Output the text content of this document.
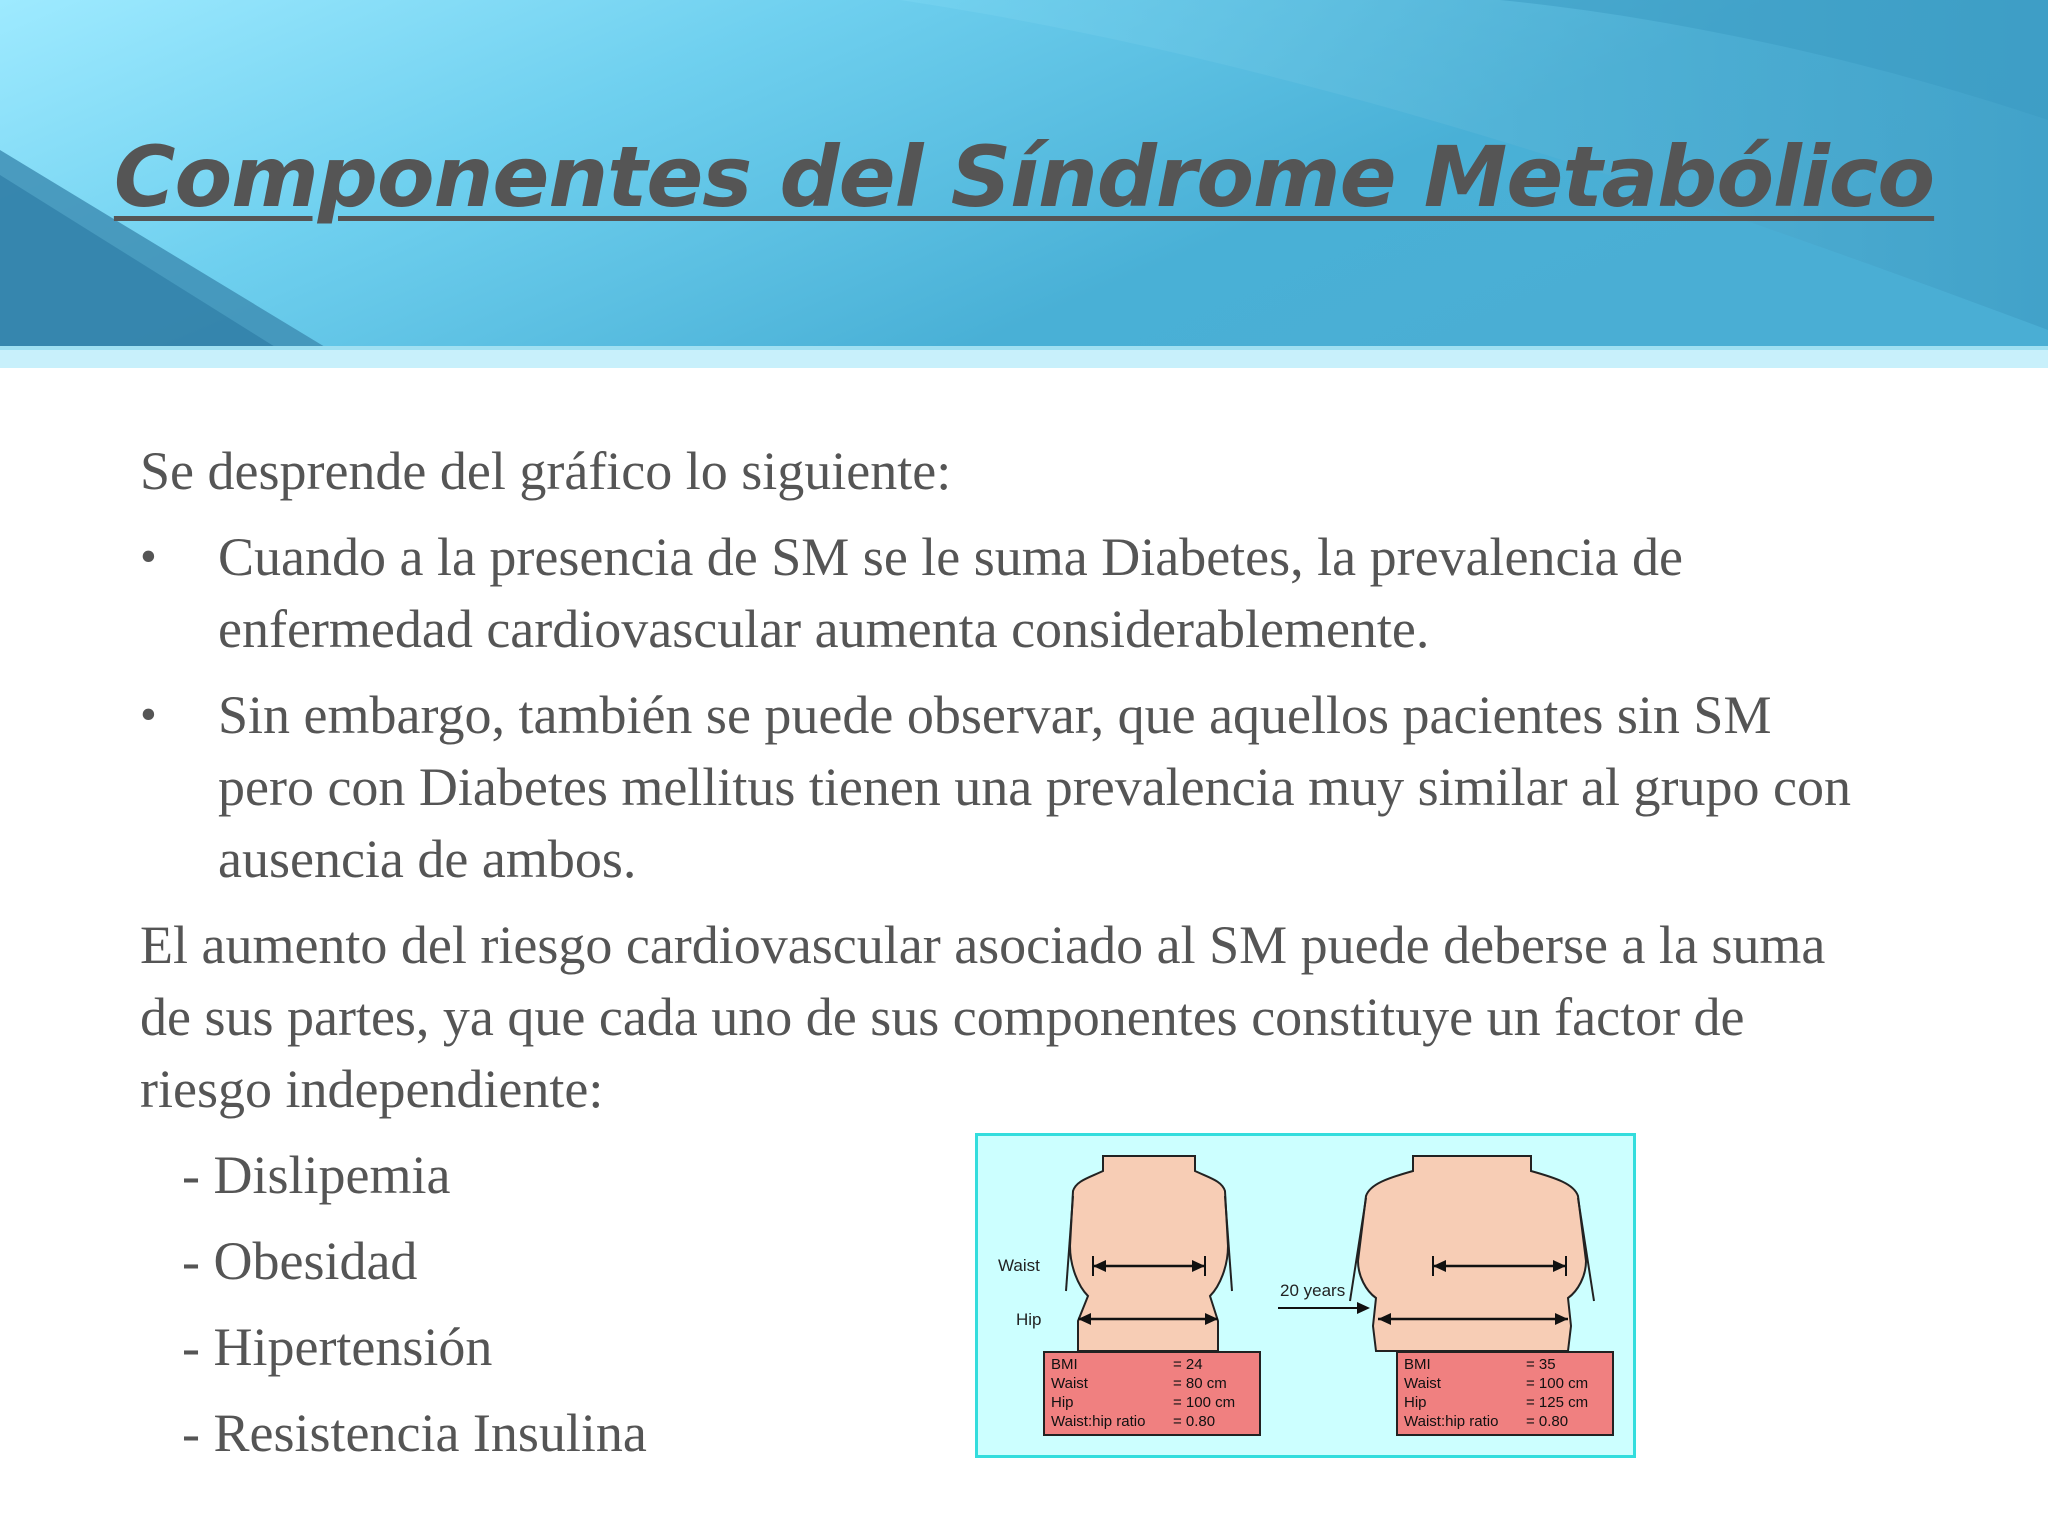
Componentes del Síndrome Metabólico

Se desprende del gráfico lo siguiente:

• Cuando a la presencia de SM se le suma Diabetes, la prevalencia de enfermedad cardiovascular aumenta considerablemente.
• Sin embargo, también se puede observar, que aquellos pacientes sin SM pero con Diabetes mellitus tienen una prevalencia muy similar al grupo con ausencia de ambos.

El aumento del riesgo cardiovascular asociado al SM puede deberse a la suma de sus partes, ya que cada uno de sus componentes constituye un factor de riesgo independiente:

- Dislipemia
- Obesidad
- Hipertensión
- Resistencia Insulina
Waist
Hip
20 years
BMI	= 24
Waist	= 80 cm
Hip	= 100 cm
Waist:hip ratio = 0.80
BMI	= 35
Waist	= 100 cm
Hip	= 125 cm
Waist:hip ratio = 0.80
